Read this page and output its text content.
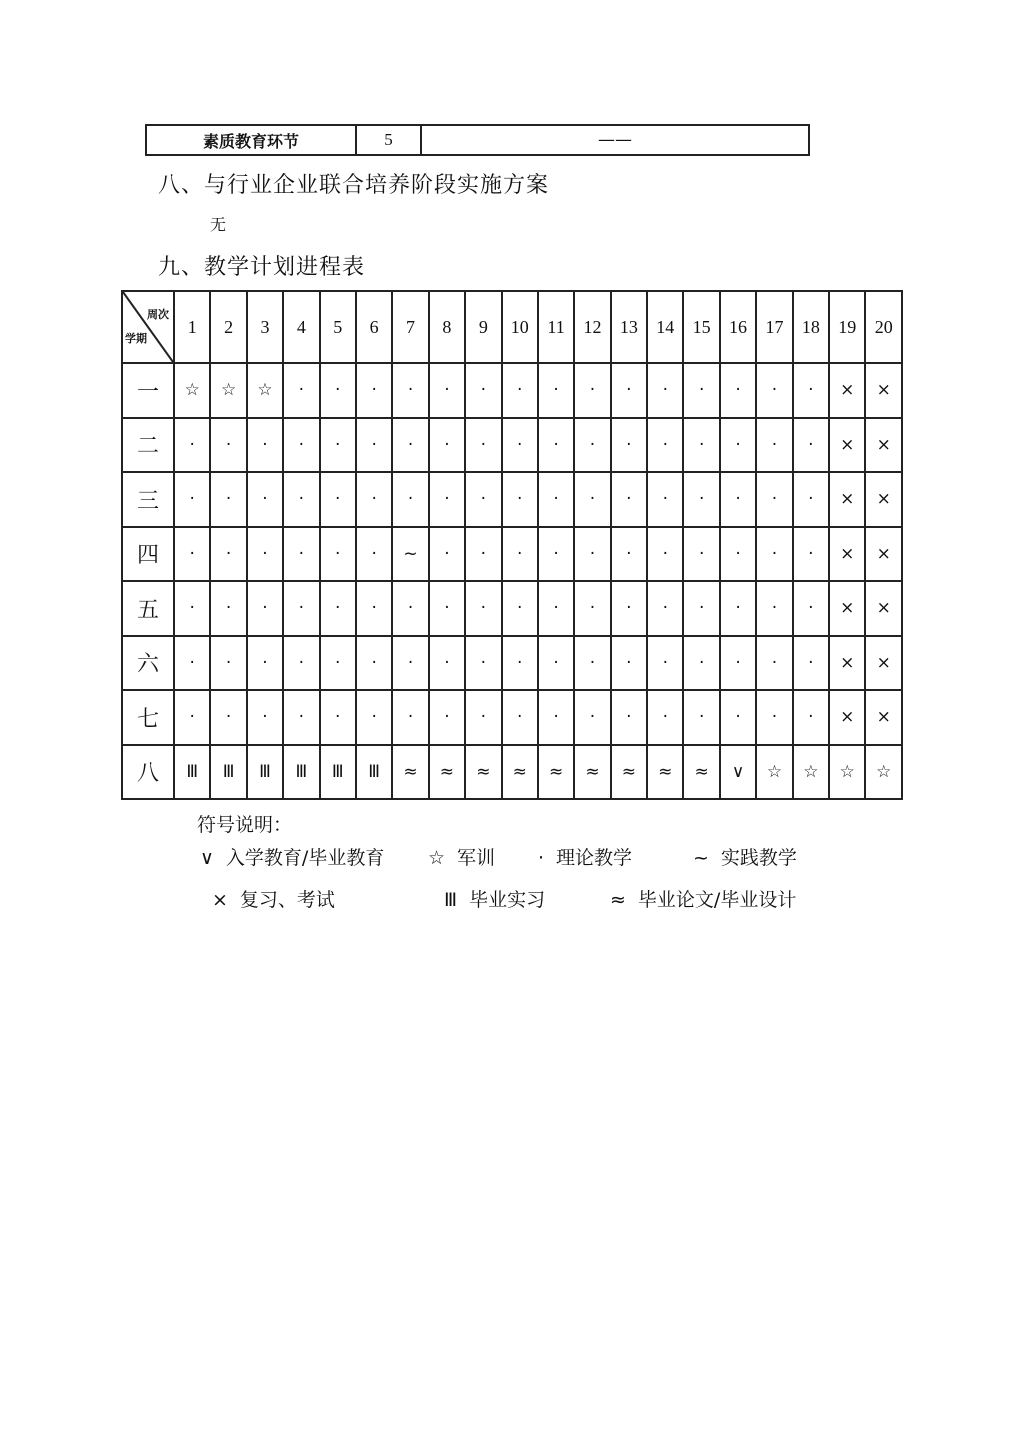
素质教育环节	5	——
八、与行业企业联合培养阶段实施方案
无
九、教学计划进程表
周次
学期	1	2	3	4	5	6	7	8	9	10	11	12	13	14	15	16	17	18	19	20
一	☆	☆	☆	·	·	·	·	·	·	·	·	·	·	·	·	·	·	·	×	×
二	·	·	·	·	·	·	·	·	·	·	·	·	·	·	·	·	·	·	×	×
三	·	·	·	·	·	·	·	·	·	·	·	·	·	·	·	·	·	·	×	×
四	·	·	·	·	·	·	~	·	·	·	·	·	·	·	·	·	·	·	×	×
五	·	·	·	·	·	·	·	·	·	·	·	·	·	·	·	·	·	·	×	×
六	·	·	·	·	·	·	·	·	·	·	·	·	·	·	·	·	·	·	×	×
七	·	·	·	·	·	·	·	·	·	·	·	·	·	·	·	·	·	·	×	×
八	Ⅲ	Ⅲ	Ⅲ	Ⅲ	Ⅲ	Ⅲ	≈	≈	≈	≈	≈	≈	≈	≈	≈	∨	☆	☆	☆	☆
符号说明：
∨ 入学教育/毕业教育 ☆ 军训 · 理论教学	~ 实践教学
× 复习、考试	Ⅲ 毕业实习	≈ 毕业论文/毕业设计
